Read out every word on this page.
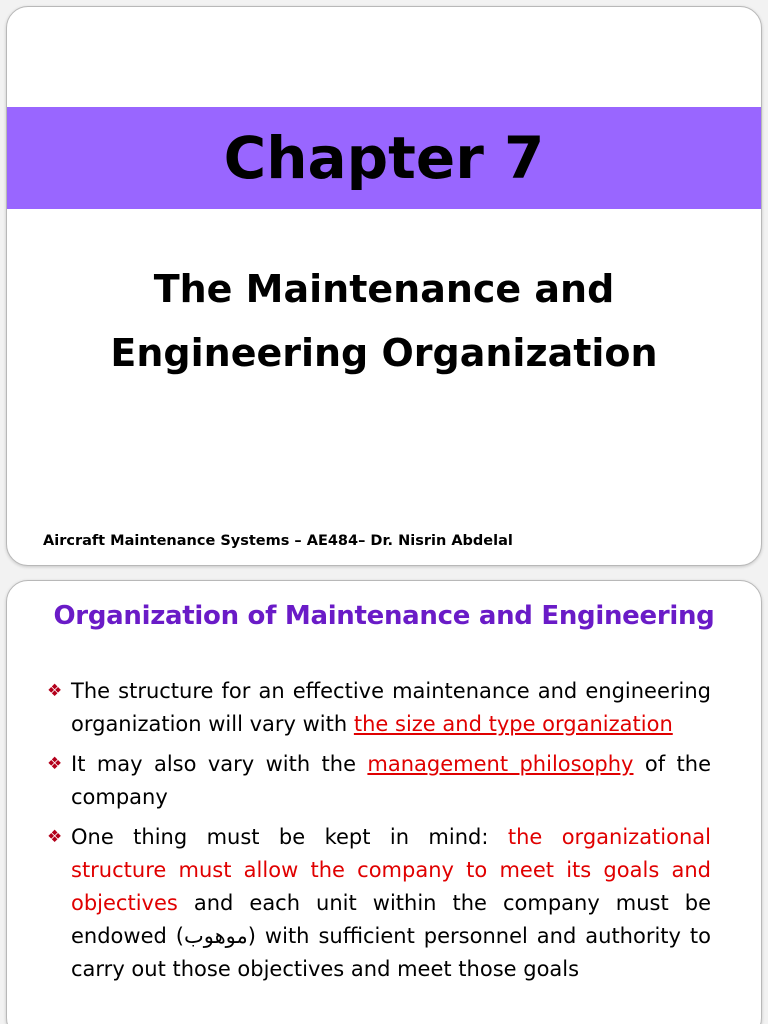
Chapter 7
The Maintenance and
Engineering Organization
Aircraft Maintenance Systems – AE484– Dr. Nisrin Abdelal
Organization of Maintenance and Engineering
❖ The structure for an effective maintenance and engineering organization will vary with the size and type organization
❖ It may also vary with the management philosophy of the company
❖ One thing must be kept in mind: the organizational structure must allow the company to meet its goals and objectives and each unit within the company must be endowed (موهوب) with sufficient personnel and authority to carry out those objectives and meet those goals
